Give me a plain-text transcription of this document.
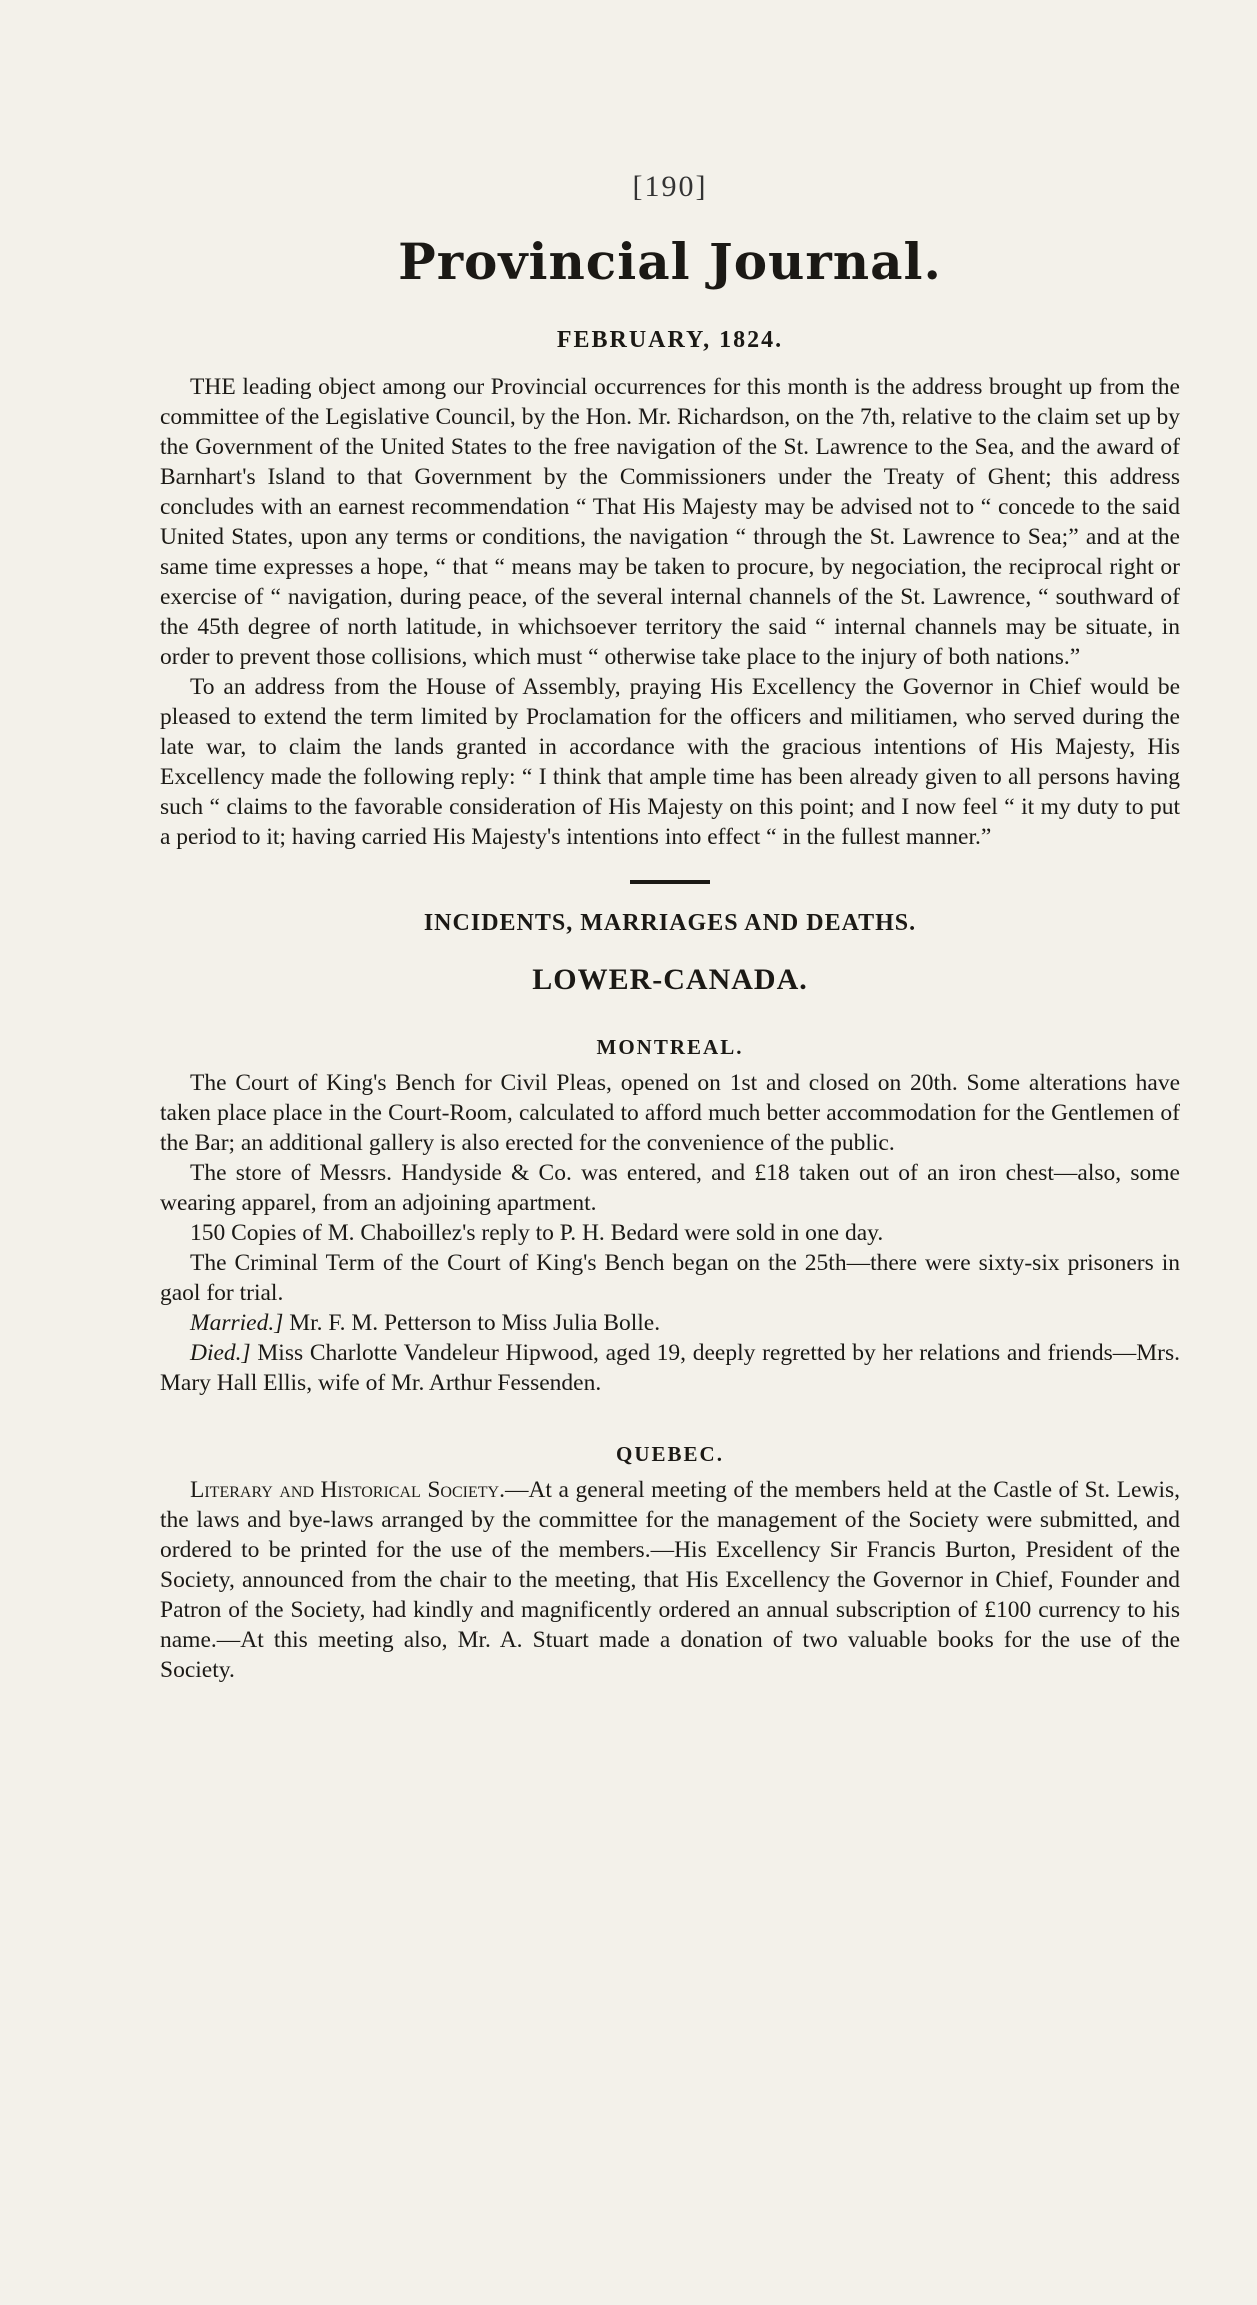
[190]
Provincial Journal.
FEBRUARY, 1824.

THE leading object among our Provincial occurrences for this month is the address brought up from the committee of the Legislative Council, by the Hon. Mr. Richardson, on the 7th, relative to the claim set up by the Government of the United States to the free navigation of the St. Lawrence to the Sea, and the award of Barnhart's Island to that Government by the Commissioners under the Treaty of Ghent; this address concludes with an earnest recommendation “ That His Majesty may be advised not to “ concede to the said United States, upon any terms or conditions, the navigation “ through the St. Lawrence to Sea;” and at the same time expresses a hope, “ that “ means may be taken to procure, by negociation, the reciprocal right or exercise of “ navigation, during peace, of the several internal channels of the St. Lawrence, “ southward of the 45th degree of north latitude, in whichsoever territory the said “ internal channels may be situate, in order to prevent those collisions, which must “ otherwise take place to the injury of both nations.”

To an address from the House of Assembly, praying His Excellency the Governor in Chief would be pleased to extend the term limited by Proclamation for the officers and militiamen, who served during the late war, to claim the lands granted in accordance with the gracious intentions of His Majesty, His Excellency made the following reply: “ I think that ample time has been already given to all persons having such “ claims to the favorable consideration of His Majesty on this point; and I now feel “ it my duty to put a period to it; having carried His Majesty's intentions into effect “ in the fullest manner.”

INCIDENTS, MARRIAGES AND DEATHS.
LOWER-CANADA.
MONTREAL.

The Court of King's Bench for Civil Pleas, opened on 1st and closed on 20th. Some alterations have taken place place in the Court-Room, calculated to afford much better accommodation for the Gentlemen of the Bar; an additional gallery is also erected for the convenience of the public.

The store of Messrs. Handyside & Co. was entered, and £18 taken out of an iron chest—also, some wearing apparel, from an adjoining apartment.

150 Copies of M. Chaboillez's reply to P. H. Bedard were sold in one day.

The Criminal Term of the Court of King's Bench began on the 25th—there were sixty-six prisoners in gaol for trial.

Married.] Mr. F. M. Petterson to Miss Julia Bolle.

Died.] Miss Charlotte Vandeleur Hipwood, aged 19, deeply regretted by her relations and friends—Mrs. Mary Hall Ellis, wife of Mr. Arthur Fessenden.

QUEBEC.

Literary and Historical Society.—At a general meeting of the members held at the Castle of St. Lewis, the laws and bye-laws arranged by the committee for the management of the Society were submitted, and ordered to be printed for the use of the members.—His Excellency Sir Francis Burton, President of the Society, announced from the chair to the meeting, that His Excellency the Governor in Chief, Founder and Patron of the Society, had kindly and magnificently ordered an annual subscription of £100 currency to his name.—At this meeting also, Mr. A. Stuart made a donation of two valuable books for the use of the Society.
